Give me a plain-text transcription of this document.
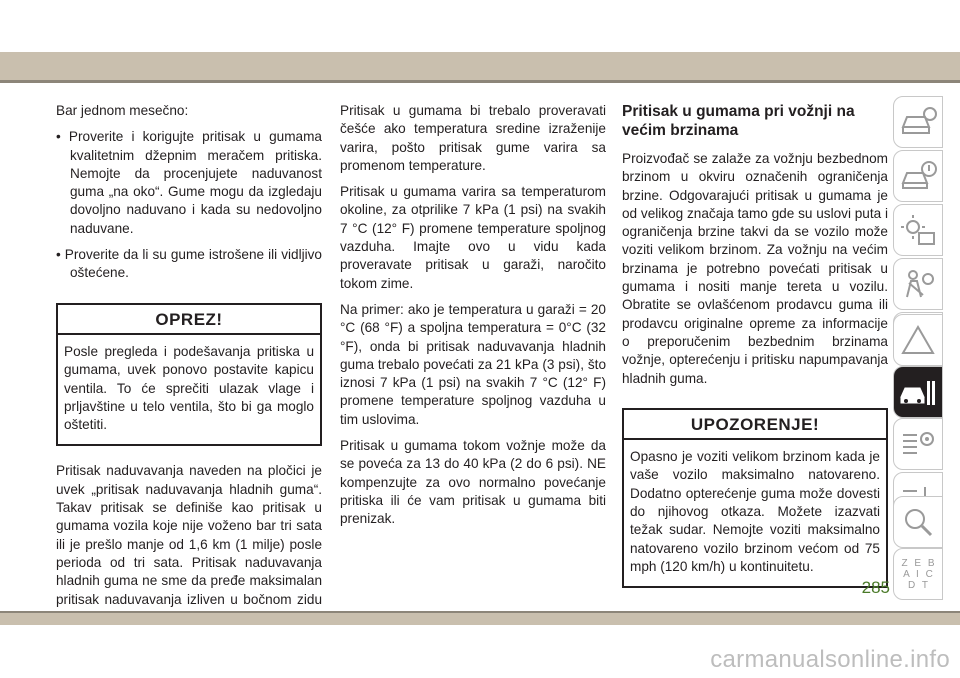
Bar jednom mesečno:

• Proverite i korigujte pritisak u gumama kvalitetnim džepnim meračem pritiska. Nemojte da procenjujete naduvanost guma „na oko“. Gume mogu da izgledaju dovoljno naduvano i kada su nedovoljno naduvane.

• Proverite da li su gume istrošene ili vidljivo oštećene.

OPREZ!
Posle pregleda i podešavanja pritiska u gumama, uvek ponovo postavite kapicu ventila. To će sprečiti ulazak vlage i prljavštine u telo ventila, što bi ga moglo oštetiti.

Pritisak naduvavanja naveden na pločici je uvek „pritisak naduvavanja hladnih guma“. Takav pritisak se definiše kao pritisak u gumama vozila koje nije voženo bar tri sata ili je prešlo manje od 1,6 km (1 milje) posle perioda od tri sata. Pritisak naduvavanja hladnih guma ne sme da pređe maksimalan pritisak naduvavanja izliven u bočnom zidu

Pritisak u gumama bi trebalo proveravati češće ako temperatura sredine izraženije varira, pošto pritisak gume varira sa promenom temperature.

Pritisak u gumama varira sa temperaturom okoline, za otprilike 7 kPa (1 psi) na svakih 7 °C (12° F) promene temperature spoljnog vazduha. Imajte ovo u vidu kada proveravate pritisak u garaži, naročito tokom zime.

Na primer: ako je temperatura u garaži = 20 °C (68 °F) a spoljna temperatura = 0°C (32 °F), onda bi pritisak naduvavanja hladnih guma trebalo povećati za 21 kPa (3 psi), što iznosi 7 kPa (1 psi) na svakih 7 °C (12° F) promene temperature spoljnog vazduha u tim uslovima.

Pritisak u gumama tokom vožnje može da se poveća za 13 do 40 kPa (2 do 6 psi). NE kompenzujte za ovo normalno povećanje pritiska ili će vam pritisak u gumama biti prenizak.

Pritisak u gumama pri vožnji na većim brzinama

Proizvođač se zalaže za vožnju bezbednom brzinom u okviru označenih ograničenja brzine. Odgovarajući pritisak u gumama je od velikog značaja tamo gde su uslovi puta i ograničenja brzine takvi da se vozilo može voziti velikom brzinom. Za vožnju na većim brzinama je potrebno povećati pritisak u gumama i nositi manje tereta u vozilu. Obratite se ovlašćenom prodavcu guma ili prodavcu originalne opreme za informacije o preporučenim bezbednim brzinama vožnje, opterećenju i pritisku napumpavanja hladnih guma.

UPOZORENJE!
Opasno je voziti velikom brzinom kada je vaše vozilo maksimalno natovareno. Dodatno opterećenje guma može dovesti do njihovog otkaza. Možete izazvati težak sudar. Nemojte voziti maksimalno natovareno vozilo brzinom većom od 75 mph (120 km/h) u kontinuitetu.	Z E B A I C D T
285
carmanualsonline.info
